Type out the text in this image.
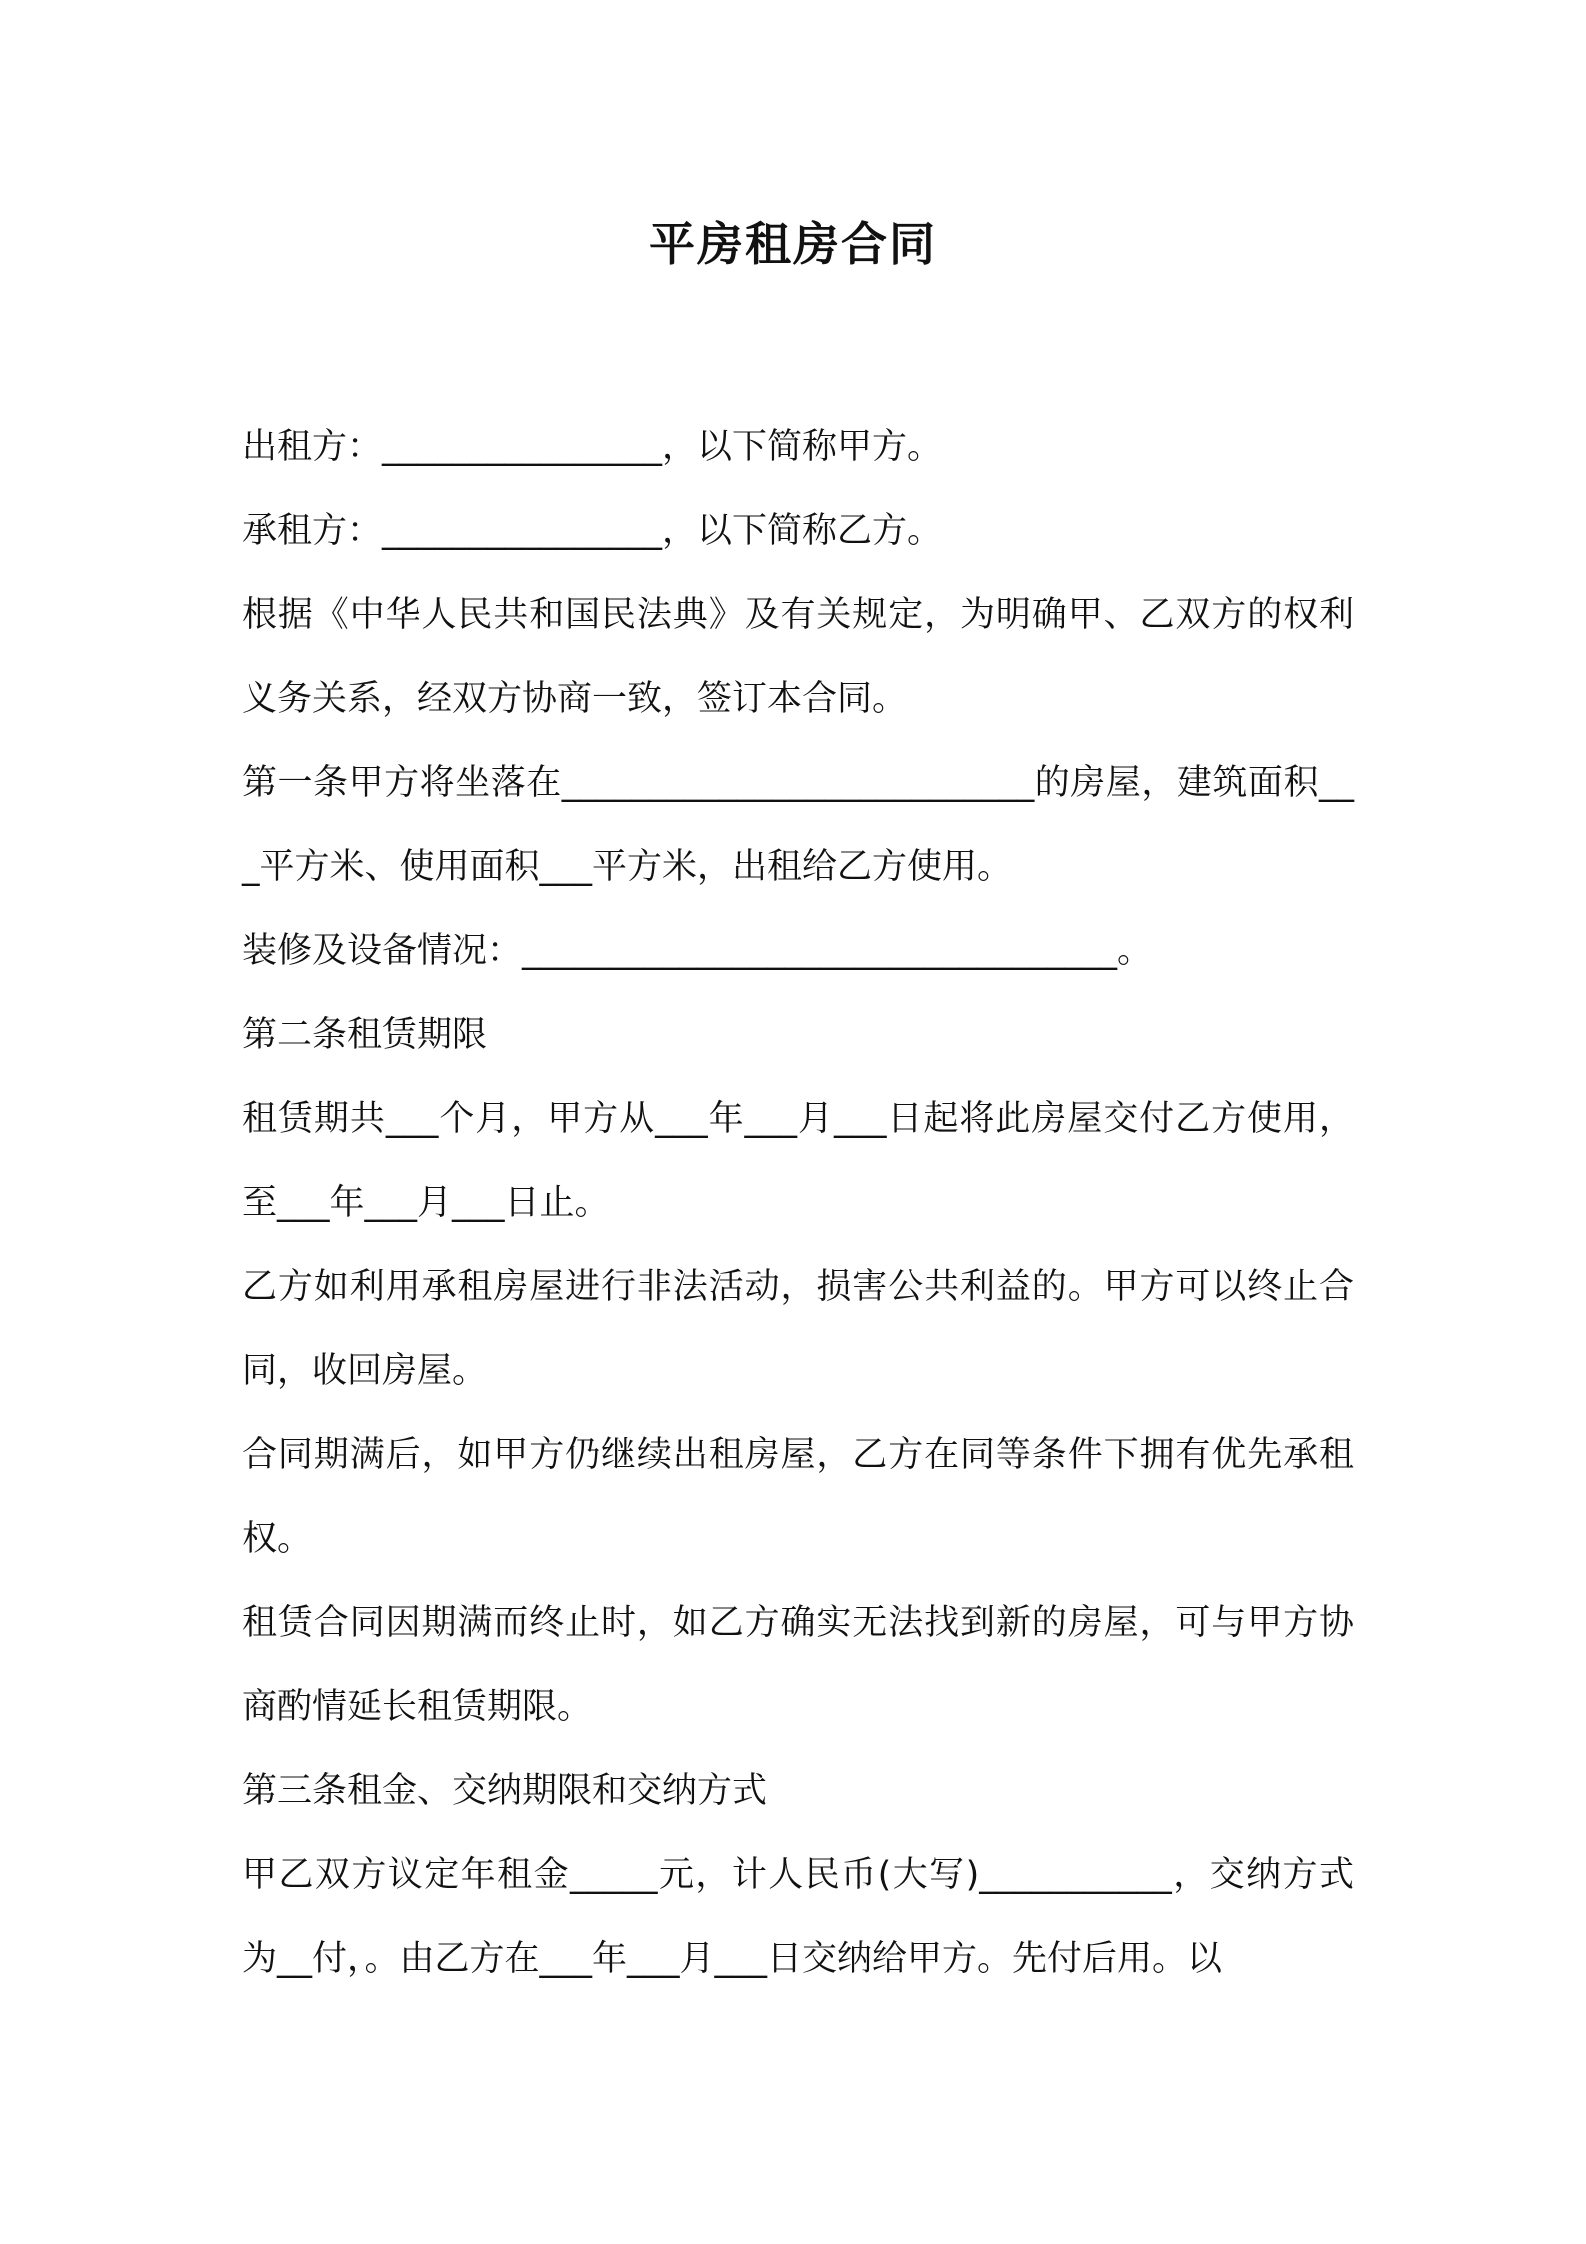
平房租房合同

出租方：________________，以下简称甲方。

承租方：________________，以下简称乙方。

根据《中华人民共和国民法典》及有关规定，为明确甲、乙双方的权利义务关系，经双方协商一致，签订本合同。

第一条甲方将坐落在___________________________的房屋，建筑面积___平方米、使用面积___平方米，出租给乙方使用。

装修及设备情况：__________________________________。

第二条租赁期限

租赁期共___个月，甲方从___年___月___日起将此房屋交付乙方使用，至___年___月___日止。

乙方如利用承租房屋进行非法活动，损害公共利益的。甲方可以终止合同，收回房屋。

合同期满后，如甲方仍继续出租房屋，乙方在同等条件下拥有优先承租权。

租赁合同因期满而终止时，如乙方确实无法找到新的房屋，可与甲方协商酌情延长租赁期限。

第三条租金、交纳期限和交纳方式

甲乙双方议定年租金_____元，计人民币(大写)___________，交纳方式为__付，。由乙方在___年___月___日交纳给甲方。先付后用。以
